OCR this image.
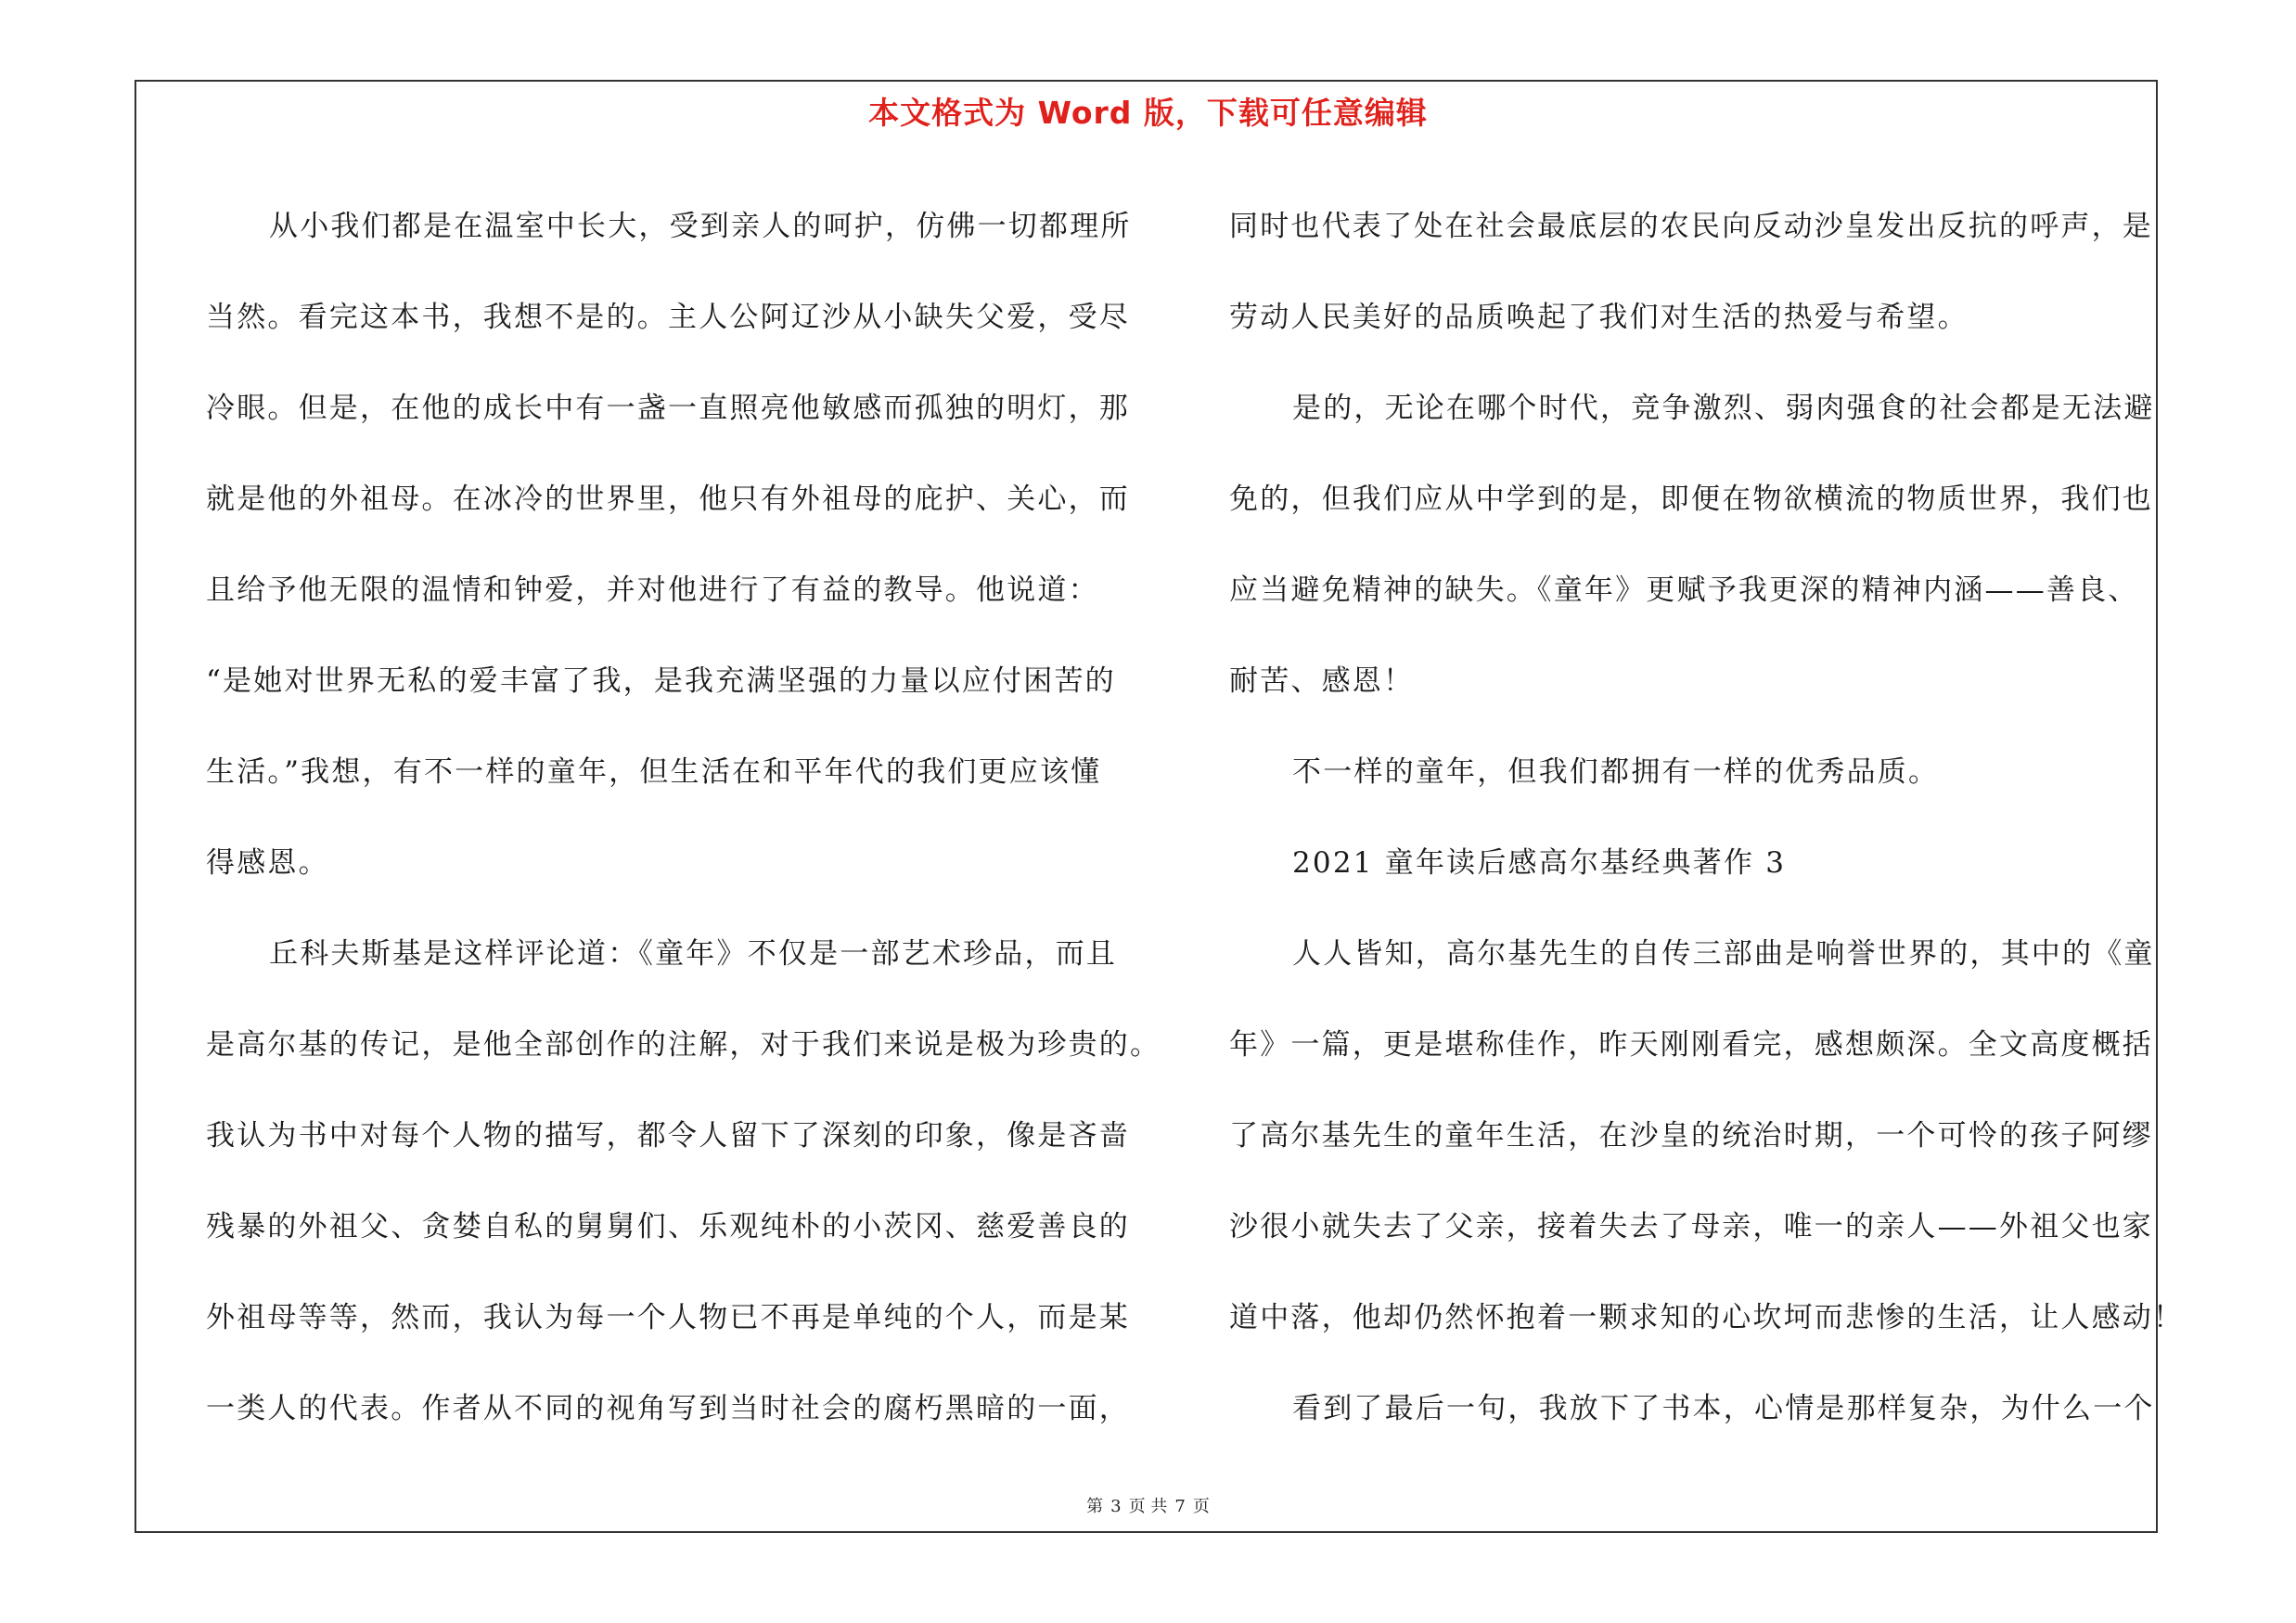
本文格式为 Word 版，下载可任意编辑
从小我们都是在温室中长大，受到亲人的呵护，仿佛一切都理所
当然。看完这本书，我想不是的。主人公阿辽沙从小缺失父爱，受尽
冷眼。但是，在他的成长中有一盏一直照亮他敏感而孤独的明灯，那
就是他的外祖母。在冰冷的世界里，他只有外祖母的庇护、关心，而
且给予他无限的温情和钟爱，并对他进行了有益的教导。他说道：
“是她对世界无私的爱丰富了我，是我充满坚强的力量以应付困苦的
生活。”我想，有不一样的童年，但生活在和平年代的我们更应该懂
得感恩。
丘科夫斯基是这样评论道：《童年》不仅是一部艺术珍品，而且
是高尔基的传记，是他全部创作的注解，对于我们来说是极为珍贵的。
我认为书中对每个人物的描写，都令人留下了深刻的印象，像是吝啬
残暴的外祖父、贪婪自私的舅舅们、乐观纯朴的小茨冈、慈爱善良的
外祖母等等，然而，我认为每一个人物已不再是单纯的个人，而是某
一类人的代表。作者从不同的视角写到当时社会的腐朽黑暗的一面，
同时也代表了处在社会最底层的农民向反动沙皇发出反抗的呼声，是
劳动人民美好的品质唤起了我们对生活的热爱与希望。
是的，无论在哪个时代，竞争激烈、弱肉强食的社会都是无法避
免的，但我们应从中学到的是，即便在物欲横流的物质世界，我们也
应当避免精神的缺失。《童年》更赋予我更深的精神内涵——善良、
耐苦、感恩！
不一样的童年，但我们都拥有一样的优秀品质。
2021 童年读后感高尔基经典著作 3
人人皆知，高尔基先生的自传三部曲是响誉世界的，其中的《童
年》一篇，更是堪称佳作，昨天刚刚看完，感想颇深。全文高度概括
了高尔基先生的童年生活，在沙皇的统治时期，一个可怜的孩子阿缪
沙很小就失去了父亲，接着失去了母亲，唯一的亲人——外祖父也家
道中落，他却仍然怀抱着一颗求知的心坎坷而悲惨的生活，让人感动！
看到了最后一句，我放下了书本，心情是那样复杂，为什么一个
第 3 页 共 7 页
